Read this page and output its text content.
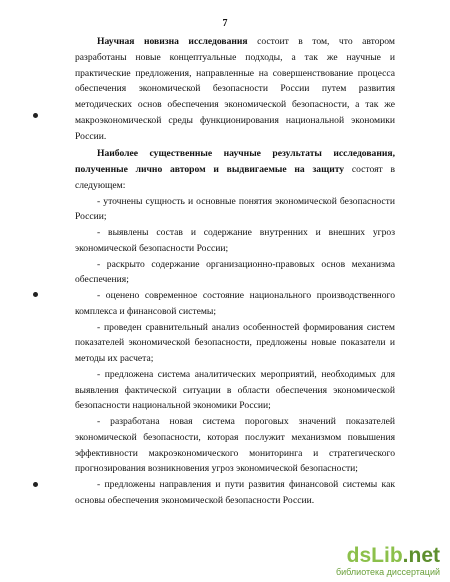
7

Научная новизна исследования состоит в том, что автором разработаны новые концептуальные подходы, а так же научные и практические предложения, направленные на совершенствование процесса обеспечения экономической безопасности России путем развития методических основ обеспечения экономической безопасности, а так же макроэкономической среды функционирования национальной экономики России.

Наиболее существенные научные результаты исследования, полученные лично автором и выдвигаемые на защиту состоят в следующем:

- уточнены сущность и основные понятия экономической безопасности России;

- выявлены состав и содержание внутренних и внешних угроз экономической безопасности России;

- раскрыто содержание организационно-правовых основ механизма обеспечения;

- оценено современное состояние национального производственного комплекса и финансовой системы;

- проведен сравнительный анализ особенностей формирования систем показателей экономической безопасности, предложены новые показатели и методы их расчета;

- предложена система аналитических мероприятий, необходимых для выявления фактической ситуации в области обеспечения экономической безопасности национальной экономики России;

- разработана новая система пороговых значений показателей экономической безопасности, которая послужит механизмом повышения эффективности макроэкономического мониторинга и стратегического прогнозирования возникновения угроз экономической безопасности;

- предложены направления и пути развития финансовой системы как основы обеспечения экономической безопасности России.

dsLib.net
библиотека диссертаций
